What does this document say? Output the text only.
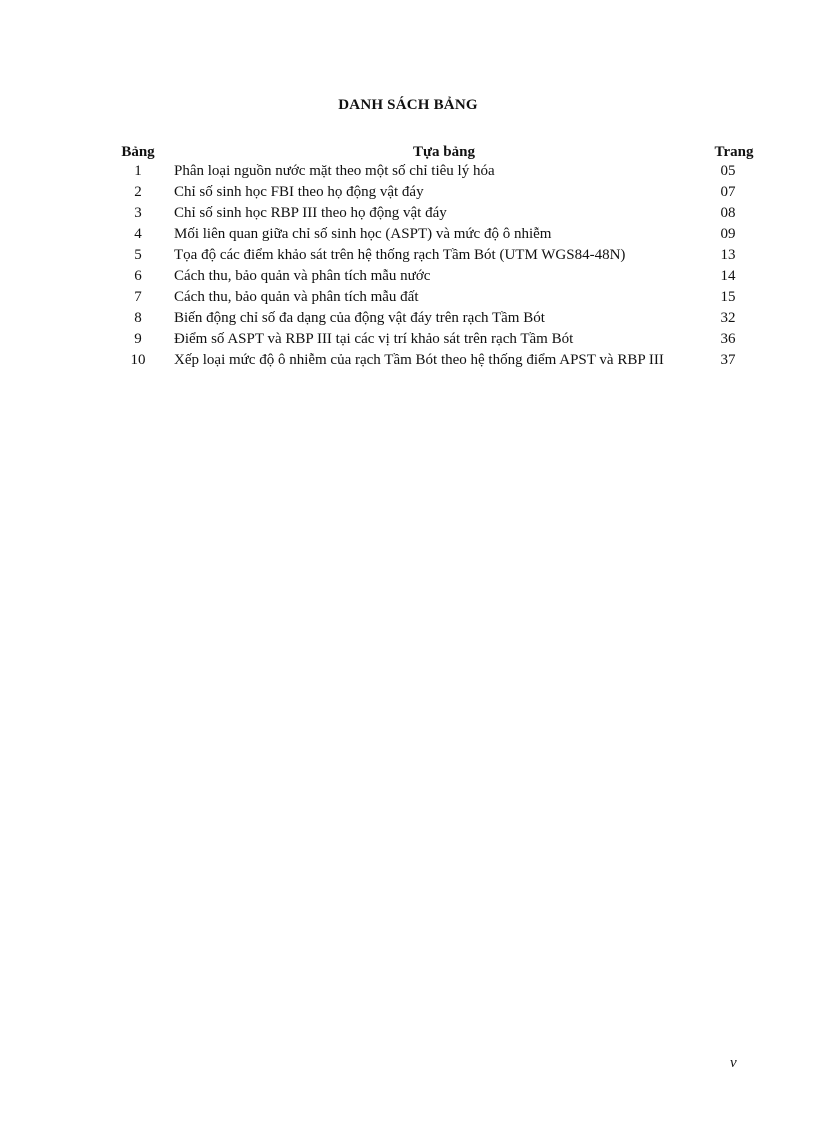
DANH SÁCH BẢNG
Bảng	Tựa bảng	Trang
1	Phân loại nguồn nước mặt theo một số chỉ tiêu lý hóa	05
2	Chỉ số sinh học FBI theo họ động vật đáy	07
3	Chỉ số sinh học RBP III theo họ động vật đáy	08
4	Mối liên quan giữa chỉ số sinh học (ASPT) và mức độ ô nhiễm	09
5	Tọa độ các điểm khảo sát trên hệ thống rạch Tầm Bót (UTM WGS84-48N)	13
6	Cách thu, bảo quản và phân tích mẫu nước	14
7	Cách thu, bảo quản và phân tích mẫu đất	15
8	Biến động chỉ số đa dạng của động vật đáy trên rạch Tầm Bót	32
9	Điểm số ASPT và RBP III tại các vị trí khảo sát trên rạch Tầm Bót	36
10	Xếp loại mức độ ô nhiễm của rạch Tầm Bót theo hệ thống điểm APST và RBP III	37
v
